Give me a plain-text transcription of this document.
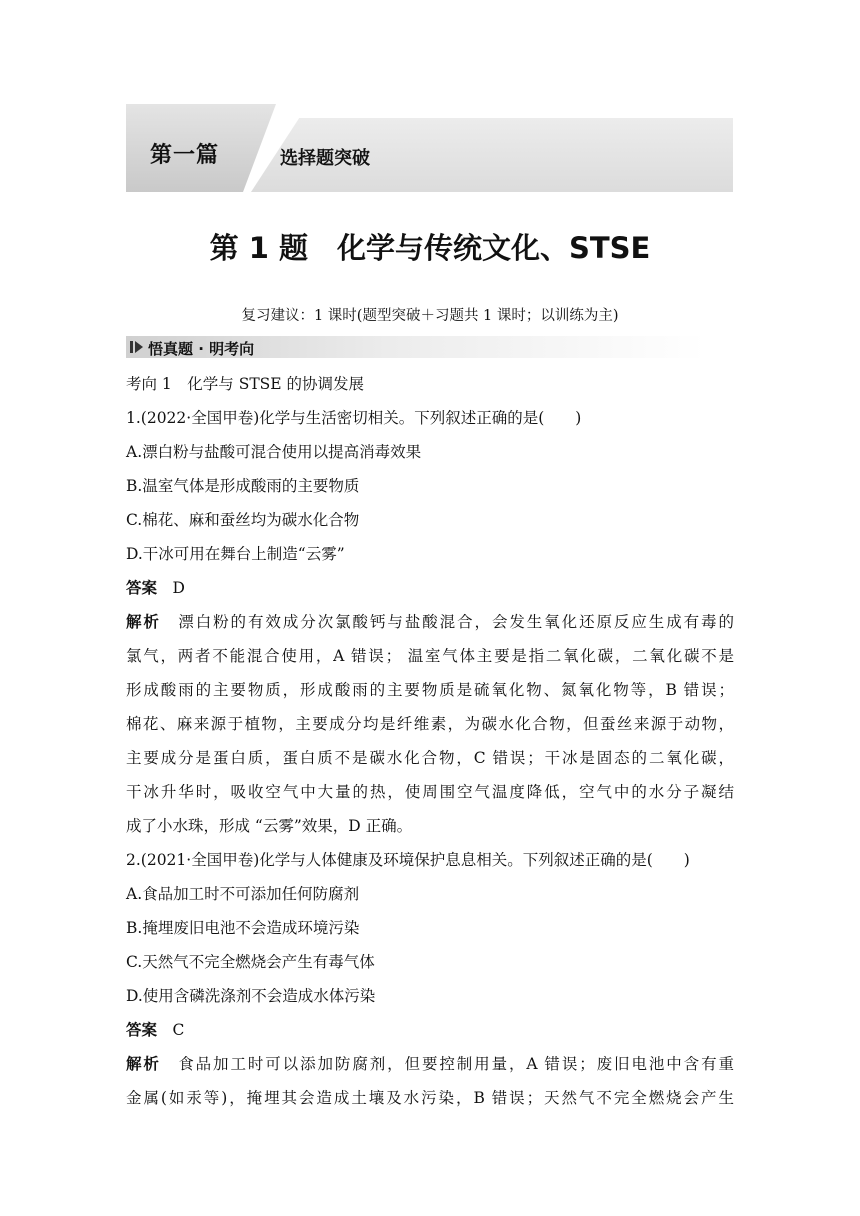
第一篇	选择题突破
第 1 题　化学与传统文化、STSE
复习建议：1 课时(题型突破＋习题共 1 课时；以训练为主)
悟真题 · 明考向
考向 1　化学与 STSE 的协调发展
1.(2022·全国甲卷)化学与生活密切相关。下列叙述正确的是(　　)
A.漂白粉与盐酸可混合使用以提高消毒效果
B.温室气体是形成酸雨的主要物质
C.棉花、麻和蚕丝均为碳水化合物
D.干冰可用在舞台上制造“云雾”
答案　 D
解析　漂白粉的有效成分次氯酸钙与盐酸混合，会发生氧化还原反应生成有毒的
氯气，两者不能混合使用，A 错误； 温室气体主要是指二氧化碳，二氧化碳不是
形成酸雨的主要物质，形成酸雨的主要物质是硫氧化物、氮氧化物等，B 错误；
棉花、麻来源于植物，主要成分均是纤维素，为碳水化合物，但蚕丝来源于动物，
主要成分是蛋白质，蛋白质不是碳水化合物，C 错误；干冰是固态的二氧化碳，
干冰升华时，吸收空气中大量的热，使周围空气温度降低，空气中的水分子凝结
成了小水珠，形成 “云雾”效果，D 正确。
2.(2021·全国甲卷)化学与人体健康及环境保护息息相关。下列叙述正确的是(　　)
A.食品加工时不可添加任何防腐剂
B.掩埋废旧电池不会造成环境污染
C.天然气不完全燃烧会产生有毒气体
D.使用含磷洗涤剂不会造成水体污染
答案　 C
解析　食品加工时可以添加防腐剂，但要控制用量，A 错误；废旧电池中含有重
金属(如汞等)，掩埋其会造成土壤及水污染，B 错误；天然气不完全燃烧会产生
